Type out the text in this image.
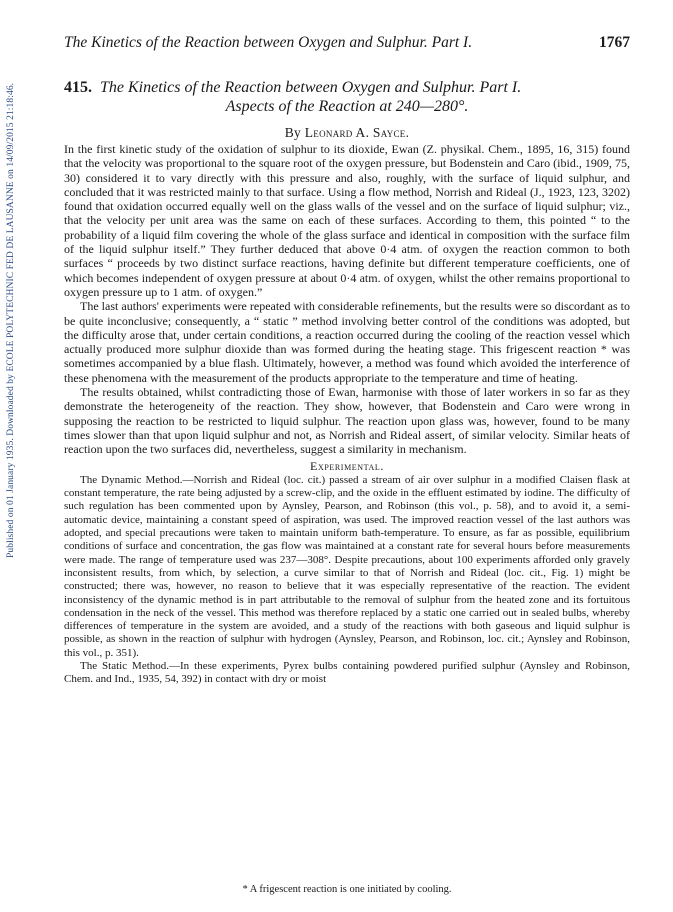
Published on 01 January 1935. Downloaded by ECOLE POLYTECHNIC FED DE LAUSANNE on 14/09/2015 21:18:46.
The Kinetics of the Reaction between Oxygen and Sulphur. Part I.	1767
415. The Kinetics of the Reaction between Oxygen and Sulphur. Part I.
Aspects of the Reaction at 240—280°.
By Leonard A. Sayce.

In the first kinetic study of the oxidation of sulphur to its dioxide, Ewan (Z. physikal. Chem., 1895, 16, 315) found that the velocity was proportional to the square root of the oxygen pressure, but Bodenstein and Caro (ibid., 1909, 75, 30) considered it to vary directly with this pressure and also, roughly, with the surface of liquid sulphur, and concluded that it was restricted mainly to that surface. Using a flow method, Norrish and Rideal (J., 1923, 123, 3202) found that oxidation occurred equally well on the glass walls of the vessel and on the surface of liquid sulphur; viz., that the velocity per unit area was the same on each of these surfaces. According to them, this pointed “ to the probability of a liquid film covering the whole of the glass surface and identical in composition with the surface film of the liquid sulphur itself.” They further deduced that above 0·4 atm. of oxygen the reaction common to both surfaces “ proceeds by two distinct surface reactions, having definite but different temperature coefficients, one of which becomes independent of oxygen pressure at about 0·4 atm. of oxygen, whilst the other remains proportional to oxygen pressure up to 1 atm. of oxygen.”

The last authors' experiments were repeated with considerable refinements, but the results were so discordant as to be quite inconclusive; consequently, a “ static ” method involving better control of the conditions was adopted, but the difficulty arose that, under certain conditions, a reaction occurred during the cooling of the reaction vessel which actually produced more sulphur dioxide than was formed during the heating stage. This frigescent reaction * was sometimes accompanied by a blue flash. Ultimately, however, a method was found which avoided the interference of these phenomena with the measurement of the products appropriate to the temperature and time of heating.

The results obtained, whilst contradicting those of Ewan, harmonise with those of later workers in so far as they demonstrate the heterogeneity of the reaction. They show, however, that Bodenstein and Caro were wrong in supposing the reaction to be restricted to liquid sulphur. The reaction upon glass was, however, found to be many times slower than that upon liquid sulphur and not, as Norrish and Rideal assert, of similar velocity. Similar heats of reaction upon the two surfaces did, nevertheless, suggest a similarity in mechanism.

Experimental.

The Dynamic Method.—Norrish and Rideal (loc. cit.) passed a stream of air over sulphur in a modified Claisen flask at constant temperature, the rate being adjusted by a screw-clip, and the oxide in the effluent estimated by iodine. The difficulty of such regulation has been commented upon by Aynsley, Pearson, and Robinson (this vol., p. 58), and to avoid it, a semi-automatic device, maintaining a constant speed of aspiration, was used. The improved reaction vessel of the last authors was adopted, and special precautions were taken to maintain uniform bath-temperature. To ensure, as far as possible, equilibrium conditions of surface and concentration, the gas flow was maintained at a constant rate for several hours before measurements were made. The range of temperature used was 237—308°. Despite precautions, about 100 experiments afforded only gravely inconsistent results, from which, by selection, a curve similar to that of Norrish and Rideal (loc. cit., Fig. 1) might be constructed; there was, however, no reason to believe that it was especially representative of the reaction. The evident inconsistency of the dynamic method is in part attributable to the removal of sulphur from the heated zone and its fortuitous condensation in the neck of the vessel. This method was therefore replaced by a static one carried out in sealed bulbs, whereby differences of temperature in the system are avoided, and a study of the reactions with both gaseous and liquid sulphur is possible, as shown in the reaction of sulphur with hydrogen (Aynsley, Pearson, and Robinson, loc. cit.; Aynsley and Robinson, this vol., p. 351).

The Static Method.—In these experiments, Pyrex bulbs containing powdered purified sulphur (Aynsley and Robinson, Chem. and Ind., 1935, 54, 392) in contact with dry or moist

* A frigescent reaction is one initiated by cooling.
